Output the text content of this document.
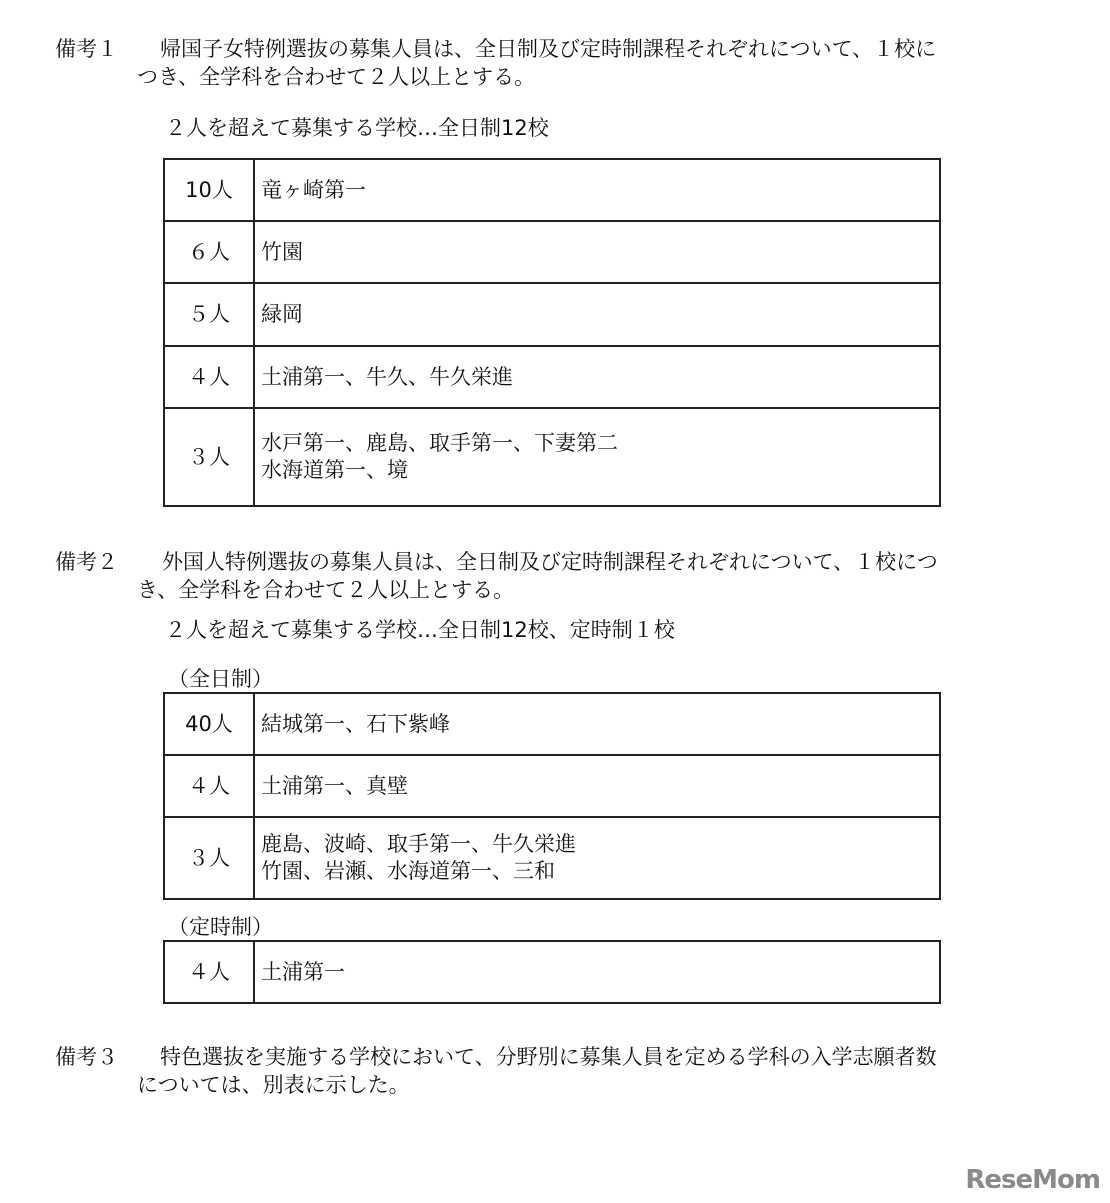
備考１ 帰国子女特例選抜の募集人員は、全日制及び定時制課程それぞれについて、１校に
つき、全学科を合わせて２人以上とする。
２人を超えて募集する学校…全日制12校
10人	竜ヶ崎第一

６人	竹園

５人	緑岡

４人	土浦第一、牛久、牛久栄進

３人	水戸第一、鹿島、取手第一、下妻第二
水海道第一、境
備考２ 外国人特例選抜の募集人員は、全日制及び定時制課程それぞれについて、１校につ
き、全学科を合わせて２人以上とする。
２人を超えて募集する学校…全日制12校、定時制１校
（全日制）
40人	結城第一、石下紫峰

４人	土浦第一、真壁

３人	鹿島、波崎、取手第一、牛久栄進
竹園、岩瀬、水海道第一、三和
（定時制）
４人	土浦第一
備考３ 特色選抜を実施する学校において、分野別に募集人員を定める学科の入学志願者数
については、別表に示した。
ReseMom
